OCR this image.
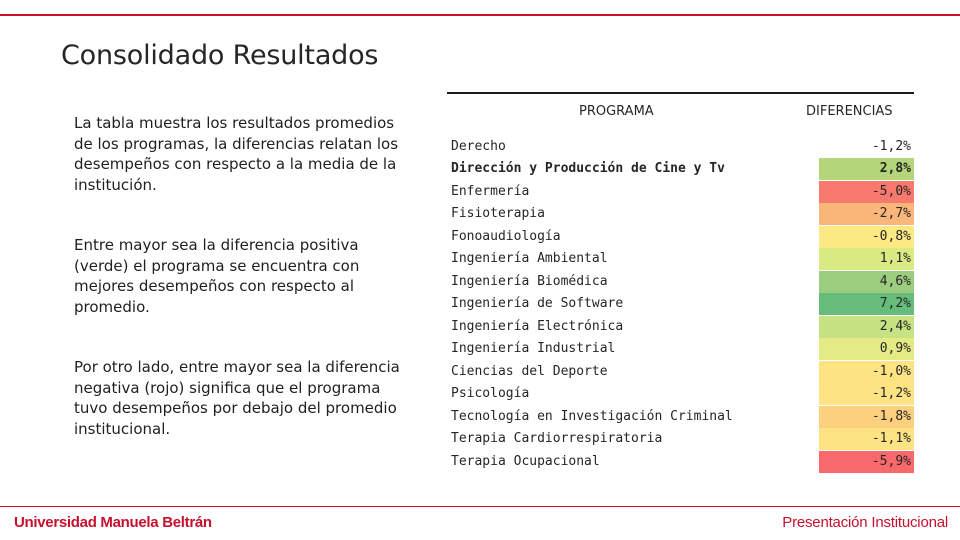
Consolidado Resultados

La tabla muestra los resultados promedios de los programas, la diferencias relatan los desempeños con respecto a la media de la institución.

Entre mayor sea la diferencia positiva (verde) el programa se encuentra con mejores desempeños con respecto al promedio.

Por otro lado, entre mayor sea la diferencia negativa (rojo) significa que el programa tuvo desempeños por debajo del promedio institucional.

PROGRAMA	DIFERENCIAS
Derecho	-1,2%
Dirección y Producción de Cine y Tv	2,8%
Enfermería	-5,0%
Fisioterapia	-2,7%
Fonoaudiología	-0,8%
Ingeniería Ambiental	1,1%
Ingeniería Biomédica	4,6%
Ingeniería de Software	7,2%
Ingeniería Electrónica	2,4%
Ingeniería Industrial	0,9%
Ciencias del Deporte	-1,0%
Psicología	-1,2%
Tecnología en Investigación Criminal	-1,8%
Terapia Cardiorrespiratoria	-1,1%
Terapia Ocupacional	-5,9%
Universidad Manuela Beltrán	Presentación Institucional
